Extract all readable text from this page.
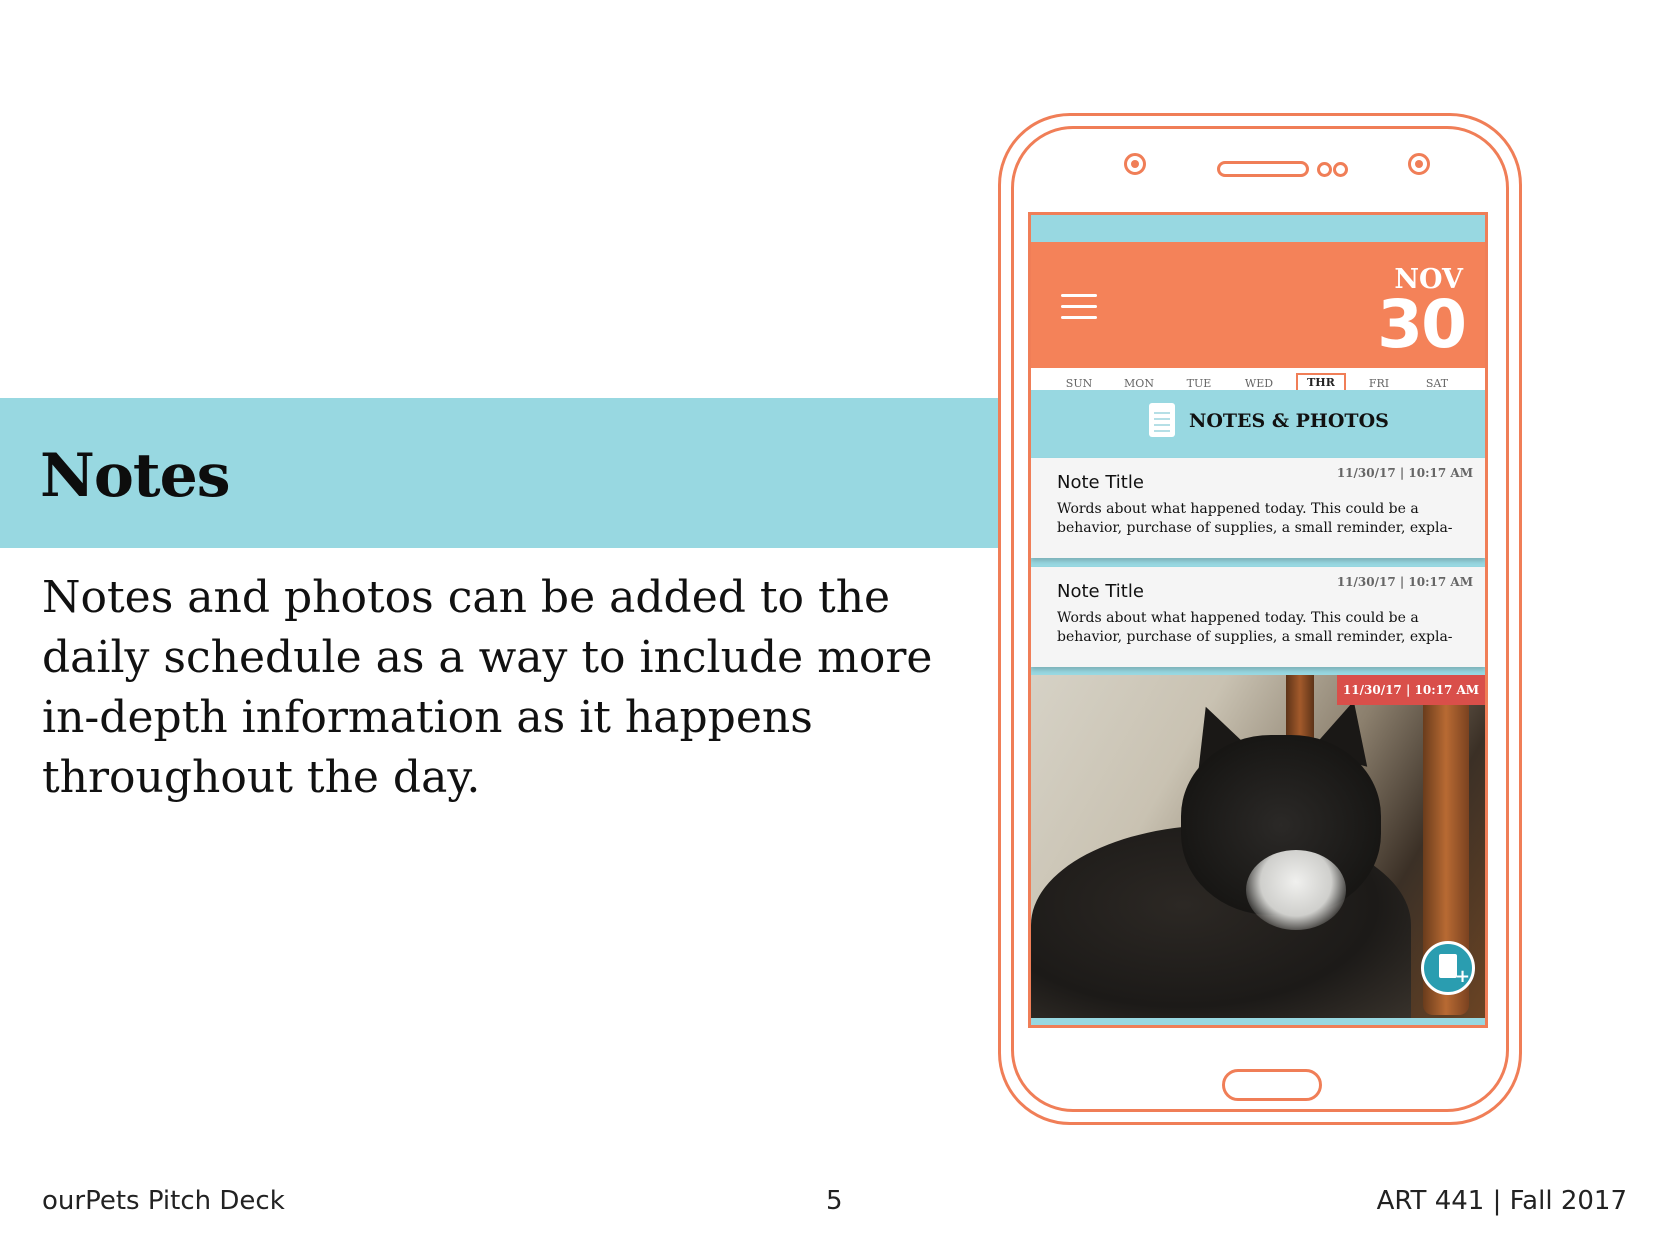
Notes
Notes and photos can be added to the daily schedule as a way to include more in-depth information as it happens throughout the day.
ourPets Pitch Deck	5	ART 441 | Fall 2017
NOV
30
SUN	MON	TUE	WED	THR	FRI	SAT
NOTES & PHOTOS
Note Title	11/30/17 | 10:17 AM
Words about what happened today. This could be a behavior, purchase of supplies, a small reminder, expla-
Note Title	11/30/17 | 10:17 AM
Words about what happened today. This could be a behavior, purchase of supplies, a small reminder, expla-
11/30/17 | 10:17 AM
+
